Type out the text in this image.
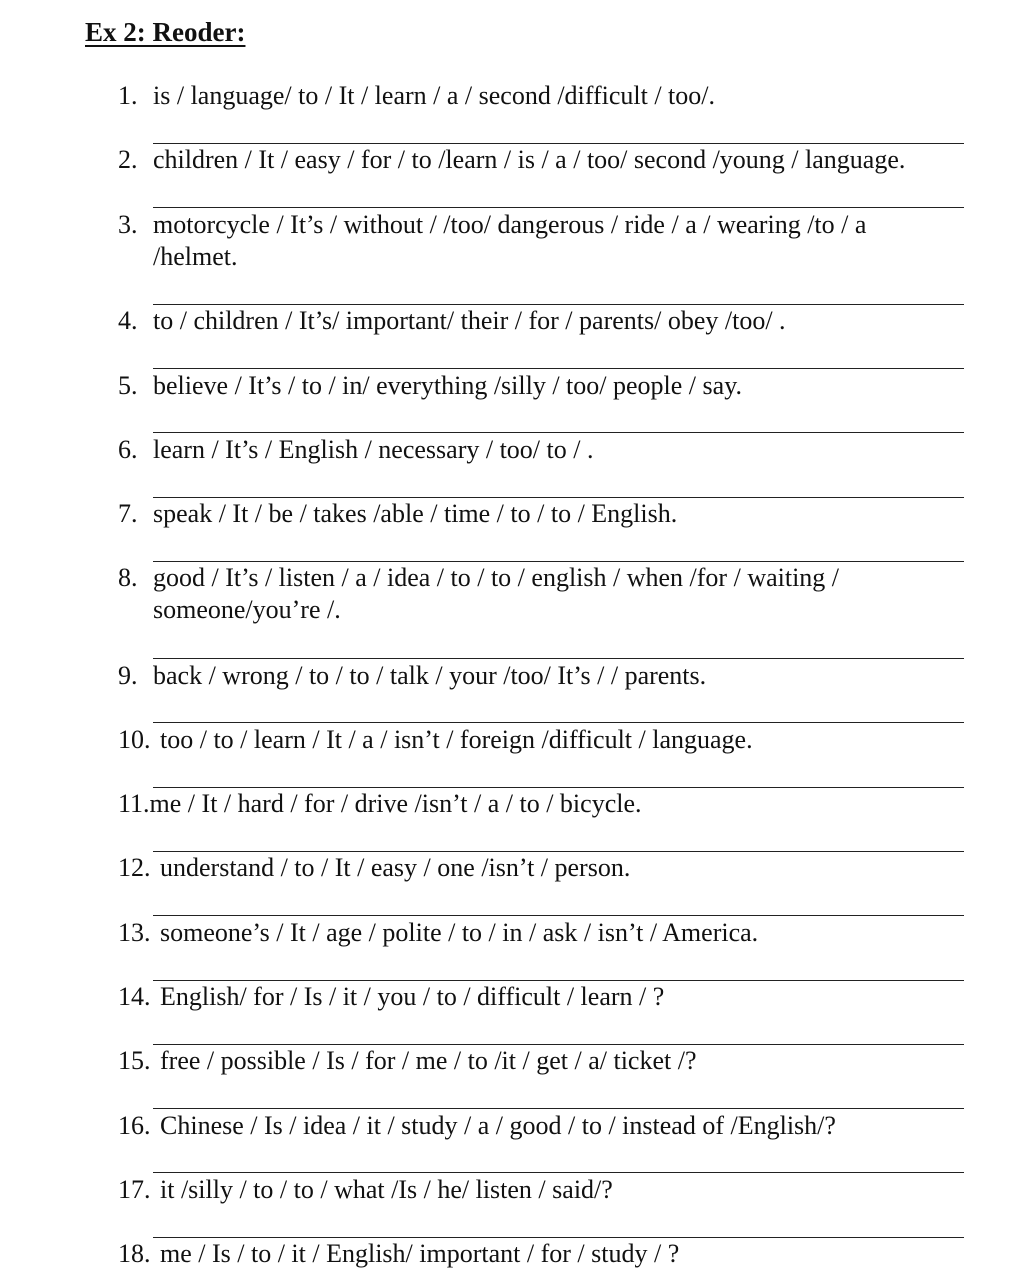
Ex 2: Reoder:
1. is / language/ to / It / learn / a / second /difficult / too/.
2. children / It / easy / for / to /learn / is / a / too/ second /young / language.
3. motorcycle / It’s / without / /too/ dangerous / ride / a / wearing /to / a
/helmet.
4. to / children / It’s/ important/ their / for / parents/ obey /too/ .
5. believe / It’s / to / in/ everything /silly / too/ people / say.
6. learn / It’s / English / necessary / too/ to / .
7. speak / It / be / takes /able / time / to / to / English.
8. good / It’s / listen / a / idea / to / to / english / when /for / waiting /
someone/you’re /.
9. back / wrong / to / to / talk / your /too/ It’s / / parents.
10. too / to / learn / It / a / isn’t / foreign /difficult / language.
11.me / It / hard / for / drive /isn’t / a / to / bicycle.
12. understand / to / It / easy / one /isn’t / person.
13. someone’s / It / age / polite / to / in / ask / isn’t / America.
14. English/ for / Is / it / you / to / difficult / learn / ?
15. free / possible / Is / for / me / to /it / get / a/ ticket /?
16. Chinese / Is / idea / it / study / a / good / to / instead of /English/?
17. it /silly / to / to / what /Is / he/ listen / said/?
18. me / Is / to / it / English/ important / for / study / ?
